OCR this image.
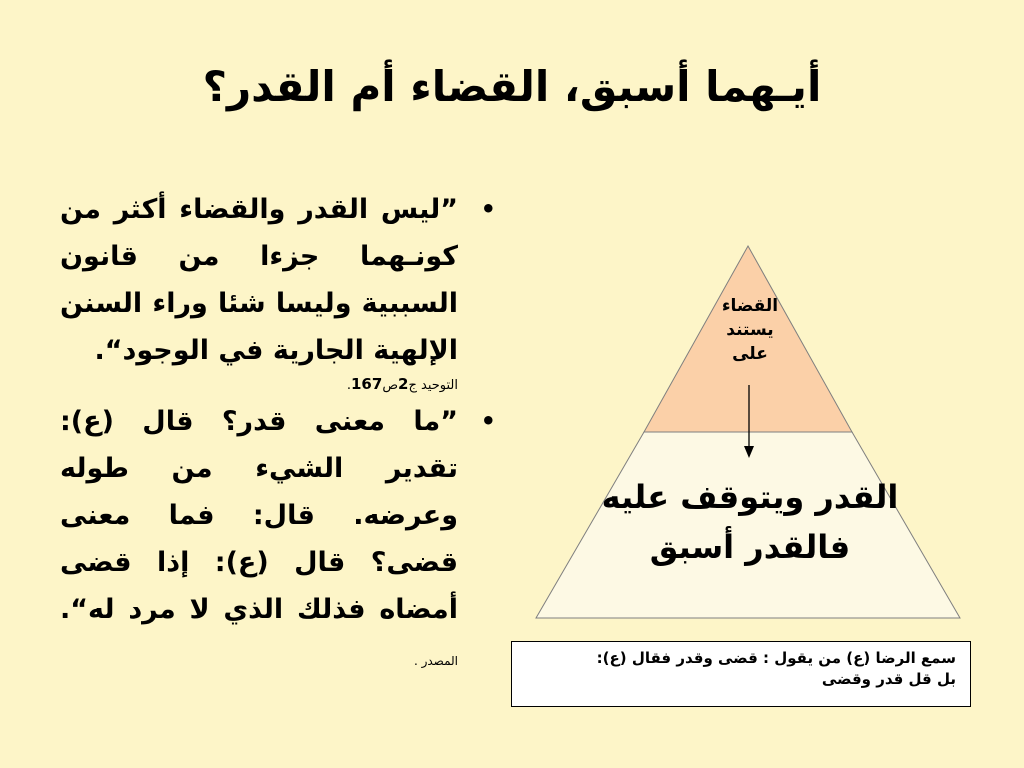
أيـهما أسبق، القضاء أم القدر؟
•
”ليس القدر والقضاء أكثر من كونـهما جزءا من قانون السببية وليسا شئا وراء السنن الإلهية الجارية في الوجود“.
التوحيد ج2ص167.
•
”ما معنى قدر؟ قال (ع): تقدير الشيء من طوله وعرضه. قال: فما معنى قضى؟ قال (ع): إذا قضى أمضاه فذلك الذي لا مرد له“. المصدر .
القضاء
يستند
على
القدر ويتوقف عليه
فالقدر أسبق
سمع الرضا (ع) من يقول : قضى وقدر فقال (ع):
بل قل قدر وقضى
